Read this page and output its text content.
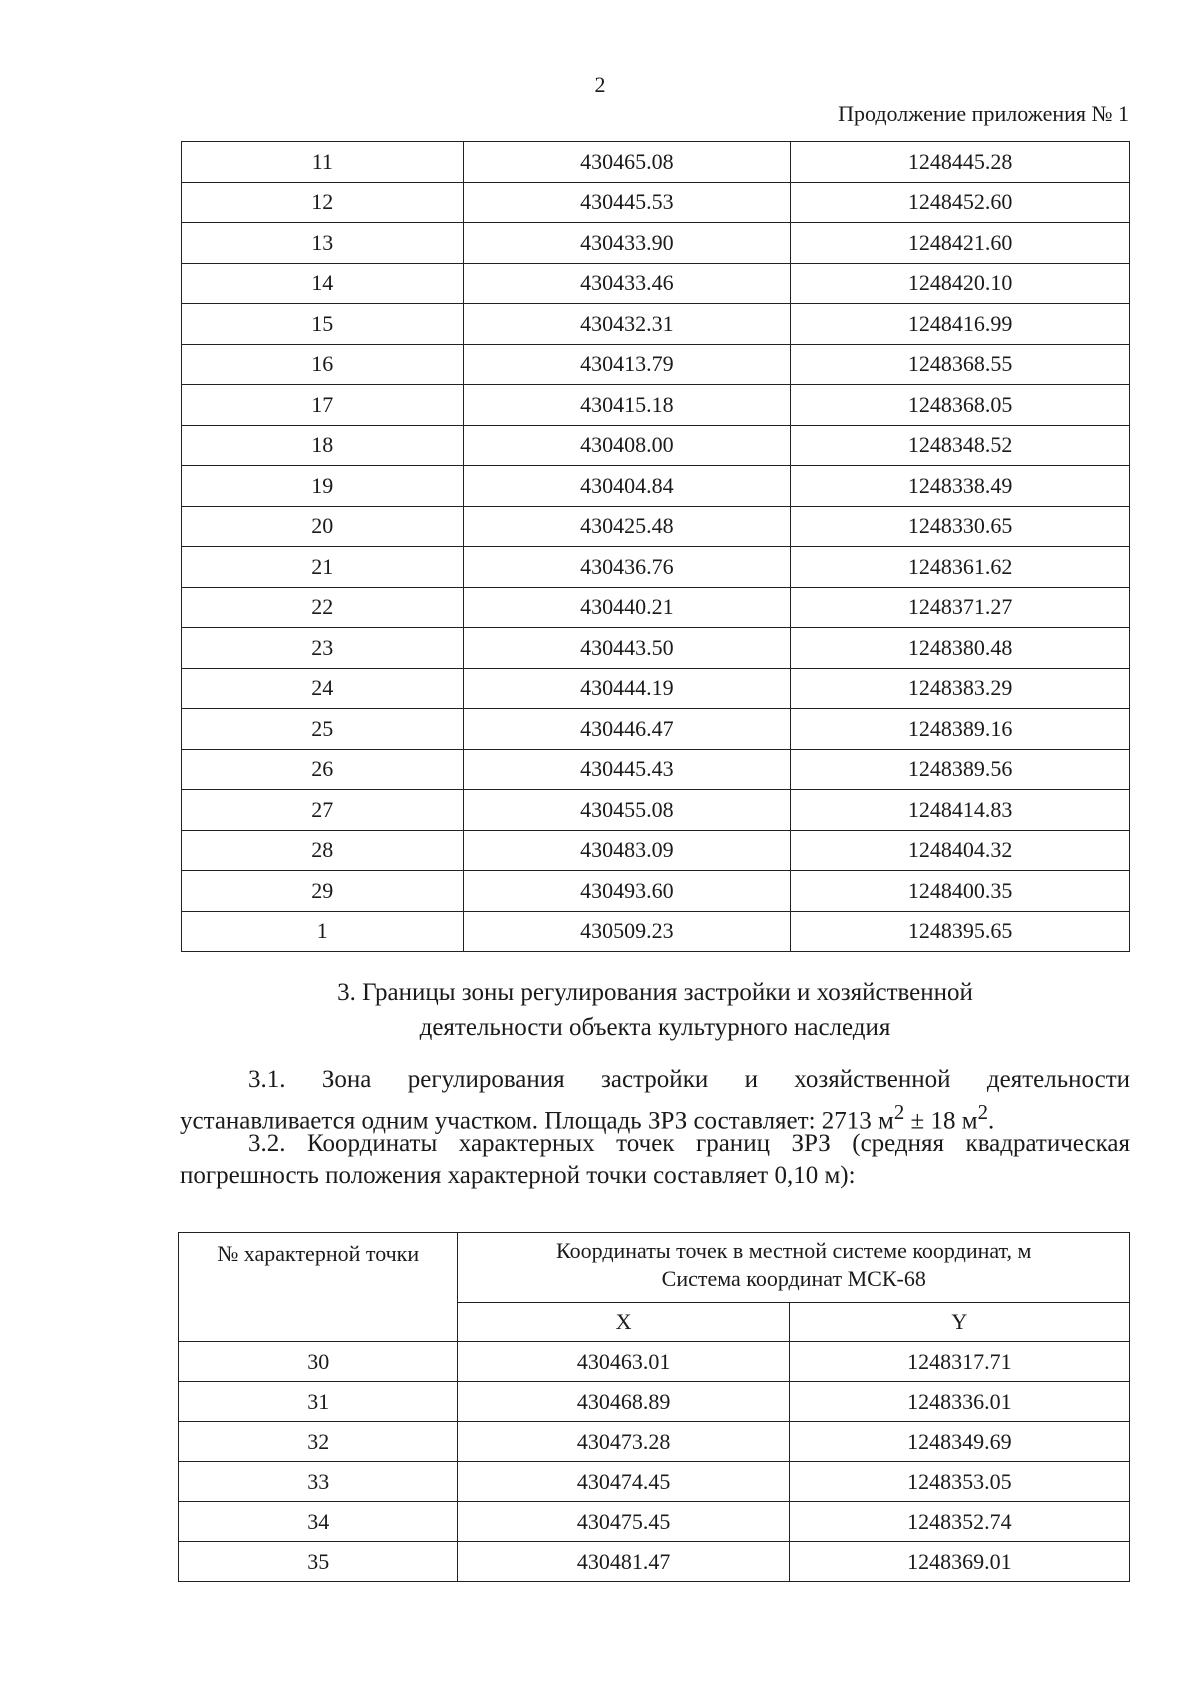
2
Продолжение приложения № 1
11	430465.08	1248445.28
12	430445.53	1248452.60
13	430433.90	1248421.60
14	430433.46	1248420.10
15	430432.31	1248416.99
16	430413.79	1248368.55
17	430415.18	1248368.05
18	430408.00	1248348.52
19	430404.84	1248338.49
20	430425.48	1248330.65
21	430436.76	1248361.62
22	430440.21	1248371.27
23	430443.50	1248380.48
24	430444.19	1248383.29
25	430446.47	1248389.16
26	430445.43	1248389.56
27	430455.08	1248414.83
28	430483.09	1248404.32
29	430493.60	1248400.35
1	430509.23	1248395.65
3. Границы зоны регулирования застройки и хозяйственной
деятельности объекта культурного наследия
3.1. Зона регулирования застройки и хозяйственной деятельности устанавливается одним участком. Площадь ЗРЗ составляет: 2713 $м^2 \pm 18$ $м^2$.
3.2. Координаты характерных точек границ ЗРЗ (средняя квадратическая погрешность положения характерной точки составляет 0,10 м):
№ характерной точки	Координаты точек в местной системе координат, м
Система координат МСК-68	

	X	Y
30	430463.01	1248317.71
31	430468.89	1248336.01
32	430473.28	1248349.69
33	430474.45	1248353.05
34	430475.45	1248352.74
35	430481.47	1248369.01
